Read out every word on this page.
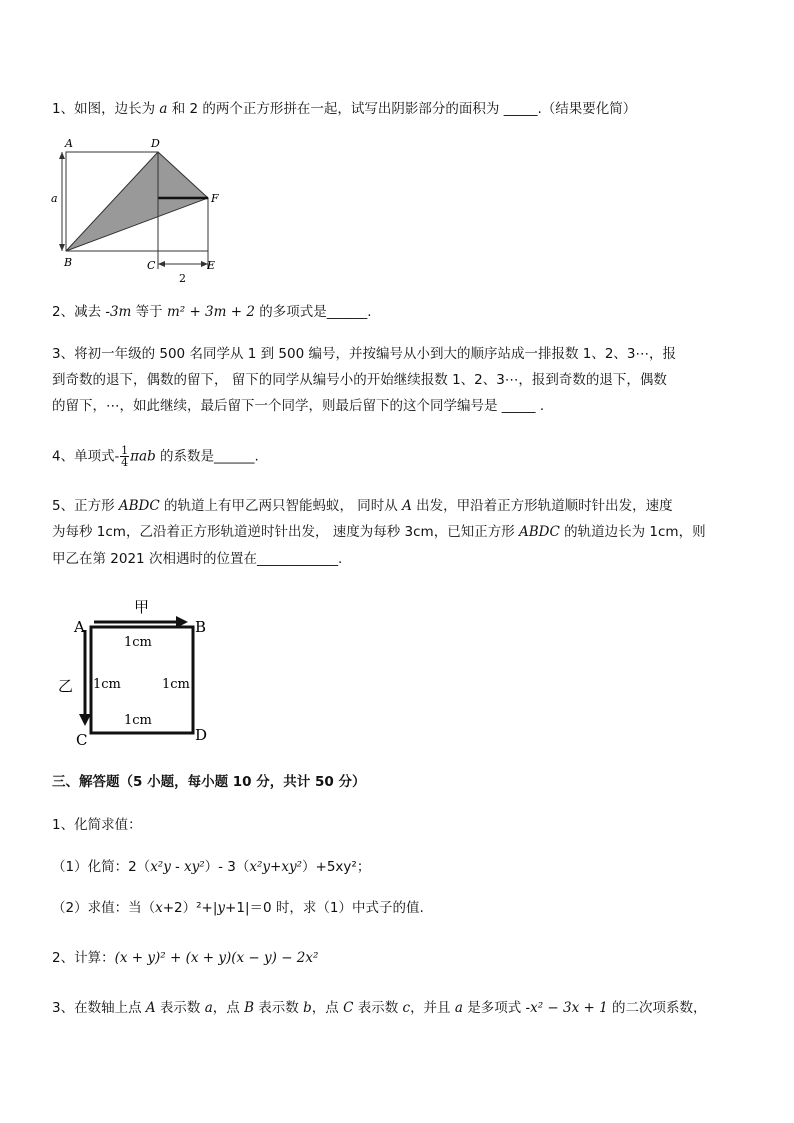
1、如图，边长为 a 和 2 的两个正方形拼在一起，试写出阴影部分的面积为 _____.（结果要化简）
A	D
F
B	C	E
a
2
2、减去 -3m 等于 m² + 3m + 2 的多项式是______.
3、将初一年级的 500 名同学从 1 到 500 编号，并按编号从小到大的顺序站成一排报数 1、2、3⋯，报
到奇数的退下，偶数的留下， 留下的同学从编号小的开始继续报数 1、2、3⋯，报到奇数的退下，偶数
的留下，⋯，如此继续，最后留下一个同学，则最后留下的这个同学编号是 _____ .
4、单项式- $\frac{1}{4}$ πab 的系数是______.
5、正方形 ABDC 的轨道上有甲乙两只智能蚂蚁， 同时从 A 出发，甲沿着正方形轨道顺时针出发，速度
为每秒 1cm，乙沿着正方形轨道逆时针出发， 速度为每秒 3cm，已知正方形 ABDC 的轨道边长为 1cm，则
甲乙在第 2021 次相遇时的位置在____________.
A	B
C	D
甲
乙
1cm
1cm	1cm
1cm
三、解答题（5 小题，每小题 10 分，共计 50 分）
1、化简求值：
（1）化简：2（x²y - xy²）- 3（x²y+xy²）+5xy²；
（2）求值：当（x+2）²+|y+1|＝0 时，求（1）中式子的值.
2、计算：(x + y)² + (x + y)(x − y) − 2x²
3、在数轴上点 A 表示数 a，点 B 表示数 b，点 C 表示数 c，并且 a 是多项式 -x² − 3x + 1 的二次项系数，
